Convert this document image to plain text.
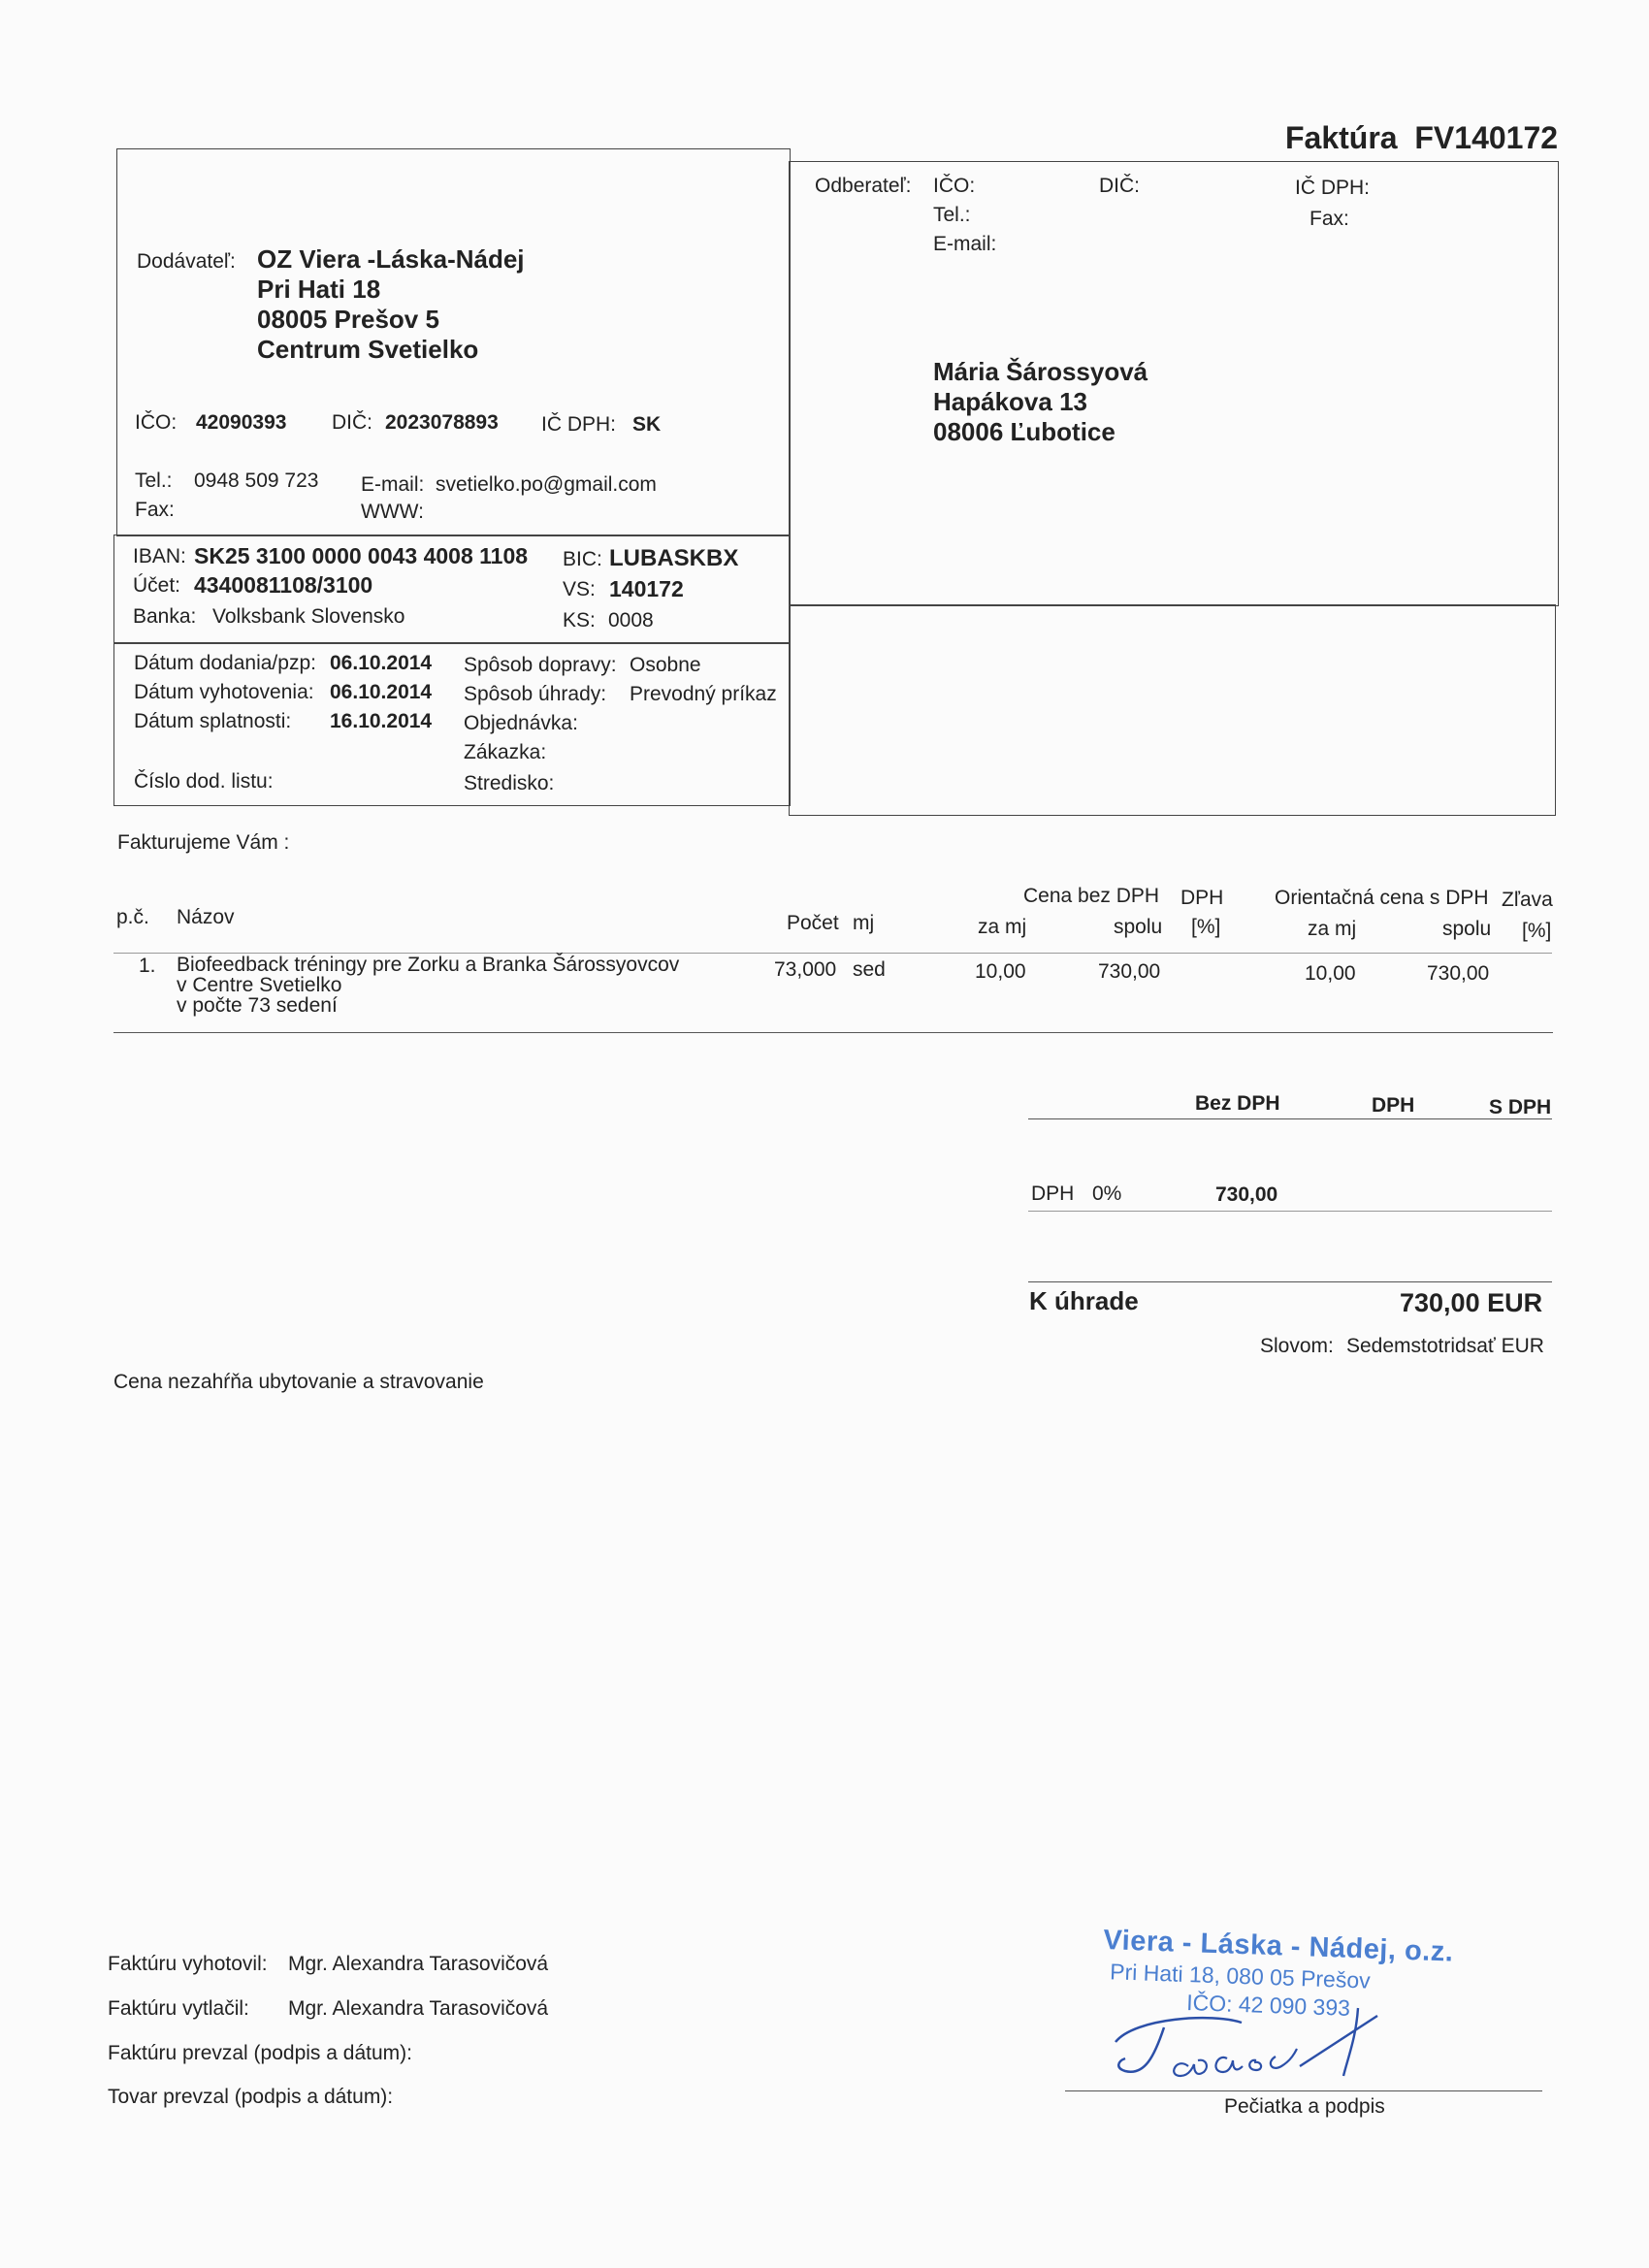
Faktúra FV140172
Dodávateľ: OZ Viera -Láska-Nádej
Pri Hati 18
08005 Prešov 5
Centrum Svetielko
IČO: 42090393 DIČ: 2023078893 IČ DPH: SK
Tel.: 0948 509 723
Fax:
E-mail: svetielko.po@gmail.com
WWW:
IBAN: SK25 3100 0000 0043 4008 1108 BIC: LUBASKBX
Účet: 4340081108/3100	VS: 140172
Banka: Volksbank Slovensko	KS: 0008
Dátum dodania/pzp: 06.10.2014
Dátum vyhotovenia: 06.10.2014
Dátum splatnosti: 16.10.2014
Číslo dod. listu:
Spôsob dopravy: Osobne
Spôsob úhrady: Prevodný príkaz
Objednávka:
Zákazka:
Stredisko:
Odberateľ: IČO:
Tel.:
E-mail:
DIČ:	IČ DPH:
Fax:
Mária Šárossyová
Hapákova 13
08006 Ľubotice
Fakturujeme Vám :
Cena bez DPH DPH	Orientačná cena s DPH Zľava
p.č. Názov	Počet mj	za mj	spolu [%]	za mj	spolu [%]
1. Biofeedback tréningy pre Zorku a Branka Šárossyovcov
v Centre Svetielko
v počte 73 sedení
73,000 sed	10,00	730,00	10,00	730,00
Bez DPH	DPH	S DPH
DPH 0%	730,00
K úhrade	730,00 EUR
Slovom: Sedemstotridsať EUR
Cena nezahŕňa ubytovanie a stravovanie
Faktúru vyhotovil: Mgr. Alexandra Tarasovičová
Faktúru vytlačil: Mgr. Alexandra Tarasovičová
Faktúru prevzal (podpis a dátum):
Tovar prevzal (podpis a dátum):
Viera - Láska - Nádej, o.z.
Pri Hati 18, 080 05 Prešov
IČO: 42 090 393
Pečiatka a podpis
